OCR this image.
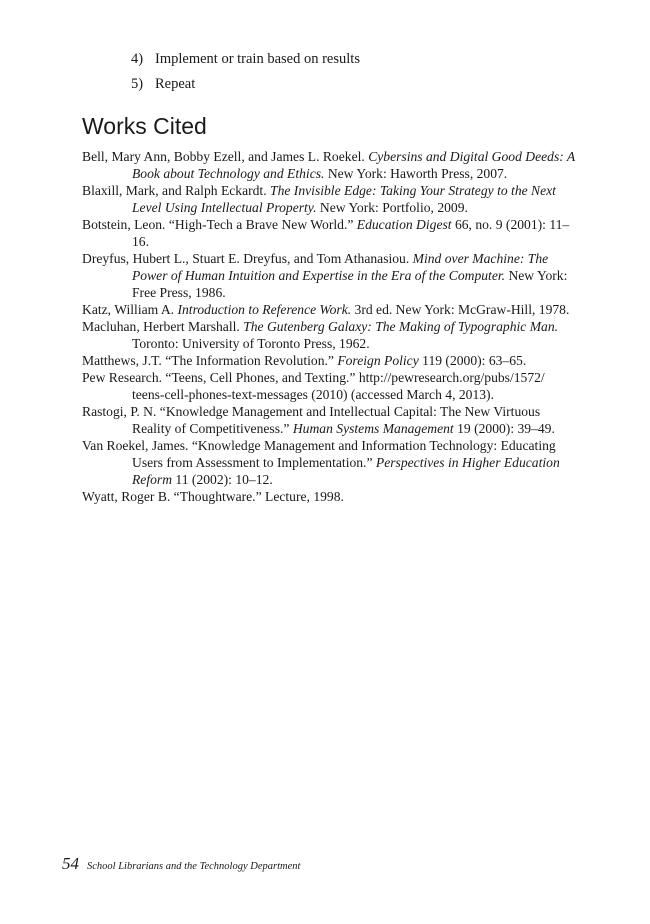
4) Implement or train based on results
5) Repeat
Works Cited
Bell, Mary Ann, Bobby Ezell, and James L. Roekel. Cybersins and Digital Good Deeds: A Book about Technology and Ethics. New York: Haworth Press, 2007.
Blaxill, Mark, and Ralph Eckardt. The Invisible Edge: Taking Your Strategy to the Next Level Using Intellectual Property. New York: Portfolio, 2009.
Botstein, Leon. “High-Tech a Brave New World.” Education Digest 66, no. 9 (2001): 11–16.
Dreyfus, Hubert L., Stuart E. Dreyfus, and Tom Athanasiou. Mind over Machine: The Power of Human Intuition and Expertise in the Era of the Computer. New York: Free Press, 1986.
Katz, William A. Introduction to Reference Work. 3rd ed. New York: McGraw-Hill, 1978.
Macluhan, Herbert Marshall. The Gutenberg Galaxy: The Making of Typographic Man. Toronto: University of Toronto Press, 1962.
Matthews, J.T. “The Information Revolution.” Foreign Policy 119 (2000): 63–65.
Pew Research. “Teens, Cell Phones, and Texting.” http://pewresearch.org/pubs/1572/ teens-cell-phones-text-messages (2010) (accessed March 4, 2013).
Rastogi, P. N. “Knowledge Management and Intellectual Capital: The New Virtuous Reality of Competitiveness.” Human Systems Management 19 (2000): 39–49.
Van Roekel, James. “Knowledge Management and Information Technology: Educating Users from Assessment to Implementation.” Perspectives in Higher Education Reform 11 (2002): 10–12.
Wyatt, Roger B. “Thoughtware.” Lecture, 1998.
54 School Librarians and the Technology Department
